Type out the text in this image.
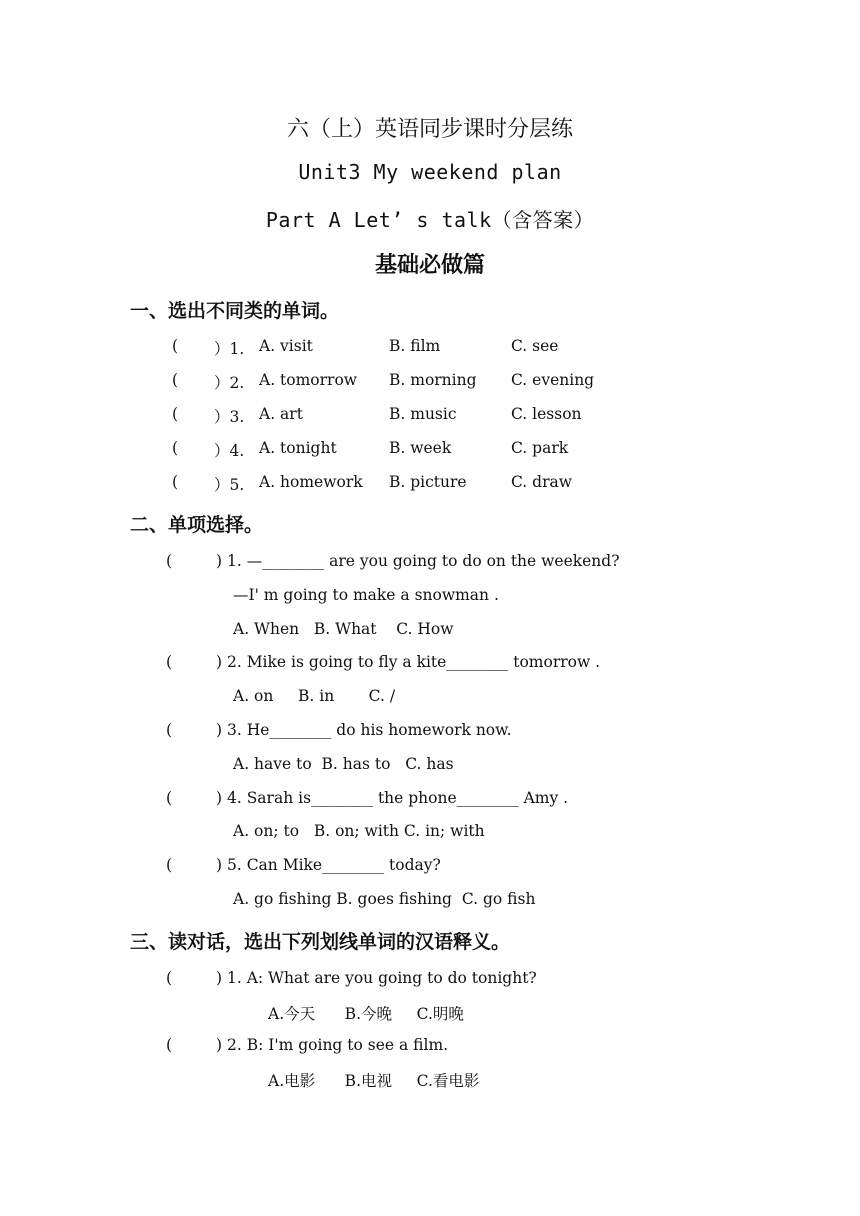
六（上）英语同步课时分层练
Unit3 My weekend plan
Part A Let’ s talk（含答案）
基础必做篇
一、选出不同类的单词。
( ）1. A. visit	B. film	C. see
( ）2. A. tomorrow B. morning C. evening
( ）3. A. art	B. music	C. lesson
( ）4. A. tonight	B. week	C. park
( ）5. A. homework B. picture	C. draw
二、单项选择。
(	) 1. —________ are you going to do on the weekend?
—I' m going to make a snowman .
A. When   B. What    C. How
(	) 2. Mike is going to fly a kite________ tomorrow .
A. on     B. in       C. /
(	) 3. He________ do his homework now.
A. have to  B. has to   C. has
(	) 4. Sarah is________ the phone________ Amy .
A. on; to   B. on; with C. in; with
(	) 5. Can Mike________ today?
A. go fishing B. goes fishing  C. go fish
三、读对话，选出下列划线单词的汉语释义。
(	) 1. A: What are you going to do tonight?
A.今天      B.今晚     C.明晚
(	) 2. B: I'm going to see a film.
A.电影      B.电视     C.看电影
